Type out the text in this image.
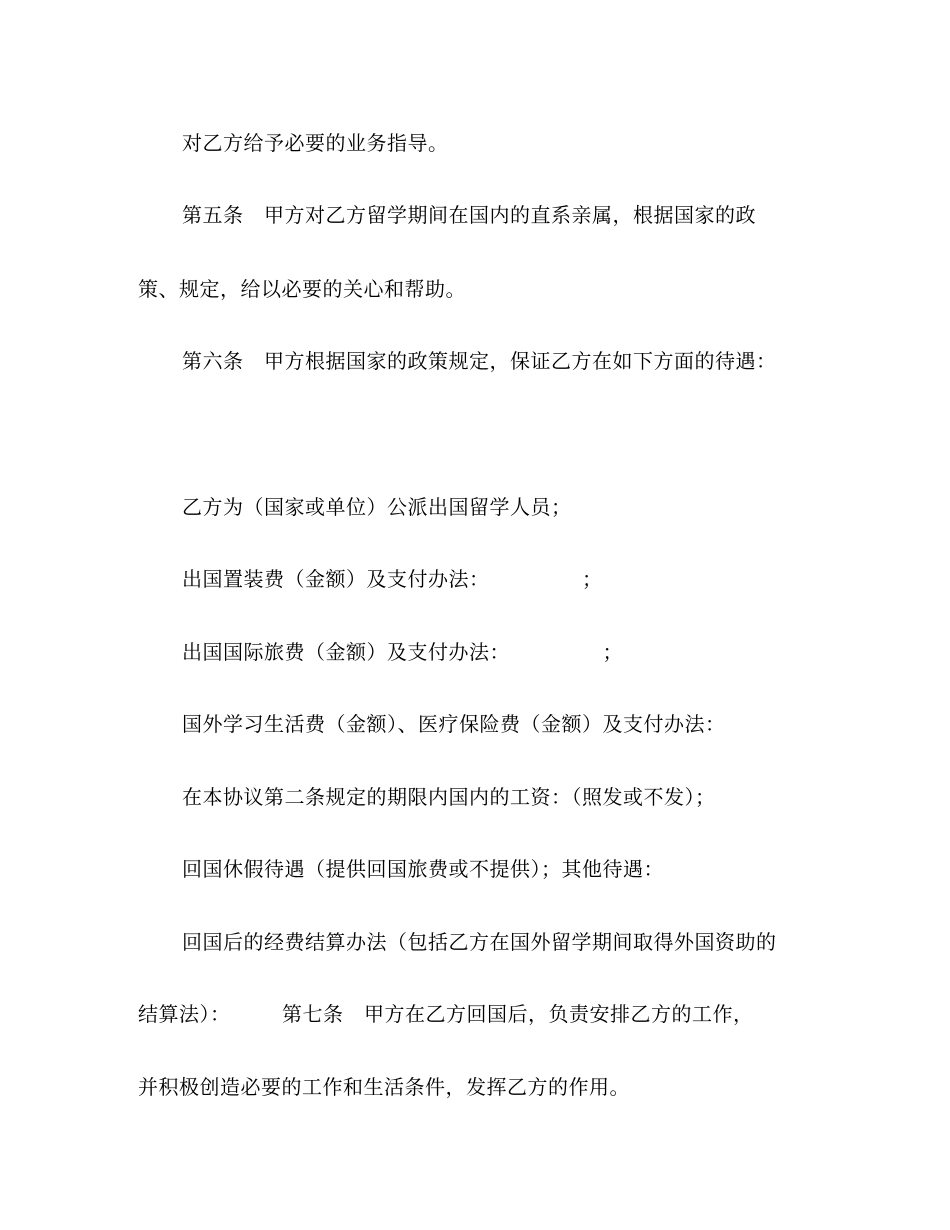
对乙方给予必要的业务指导。
第五条　甲方对乙方留学期间在国内的直系亲属，根据国家的政
策、规定，给以必要的关心和帮助。
第六条　甲方根据国家的政策规定，保证乙方在如下方面的待遇：
乙方为（国家或单位）公派出国留学人员；
出国置装费（金额）及支付办法：　　　　　；
出国国际旅费（金额）及支付办法：　　　　　；
国外学习生活费（金额）、医疗保险费（金额）及支付办法：
在本协议第二条规定的期限内国内的工资：（照发或不发）；
回国休假待遇（提供回国旅费或不提供）；其他待遇：
回国后的经费结算办法（包括乙方在国外留学期间取得外国资助的
结算法）：　　　第七条　甲方在乙方回国后，负责安排乙方的工作，
并积极创造必要的工作和生活条件，发挥乙方的作用。
